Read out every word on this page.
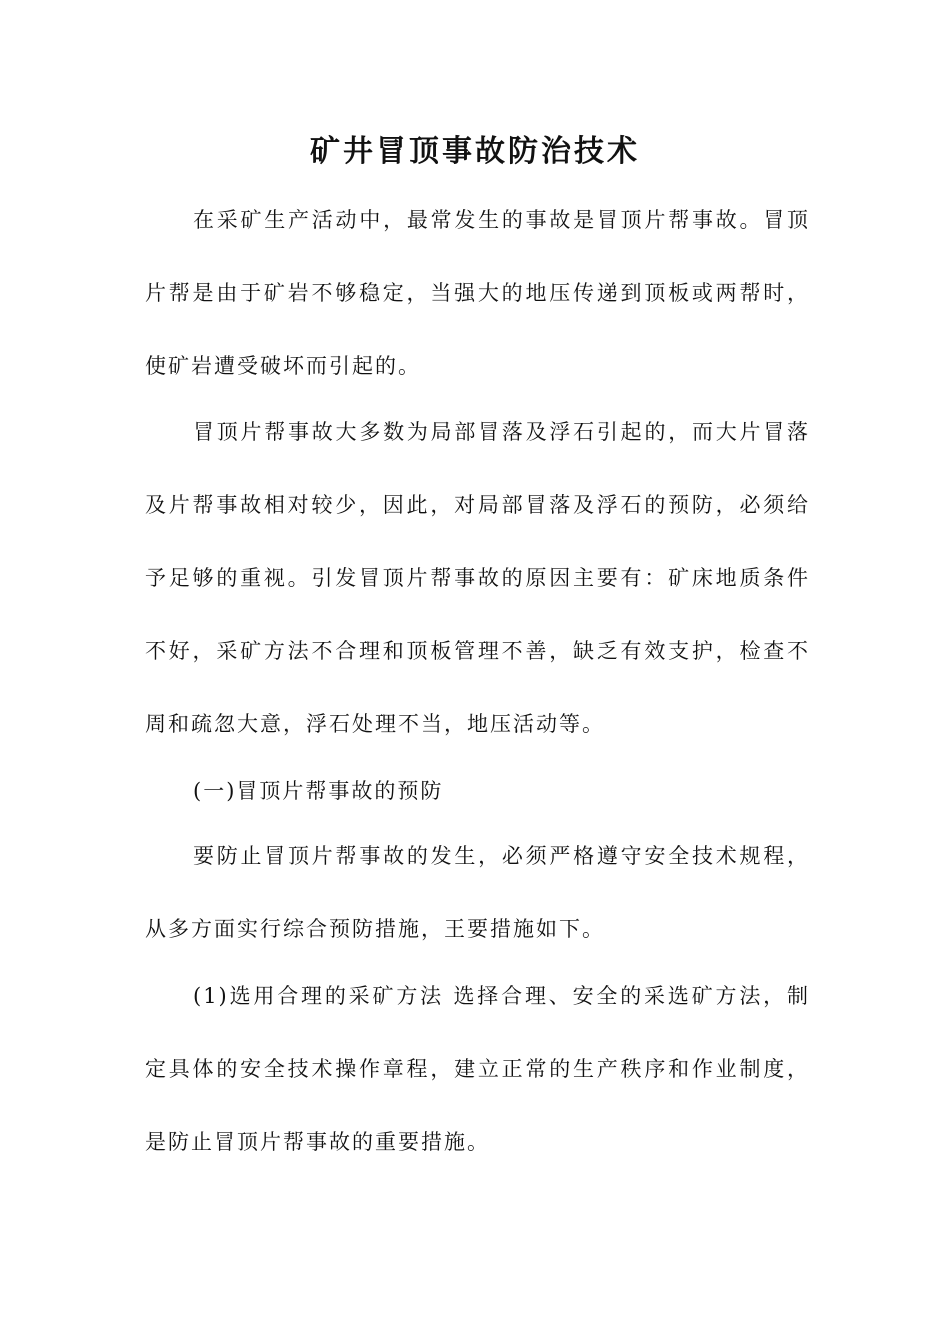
矿井冒顶事故防治技术

在采矿生产活动中，最常发生的事故是冒顶片帮事故。冒顶片帮是由于矿岩不够稳定，当强大的地压传递到顶板或两帮时，使矿岩遭受破坏而引起的。

冒顶片帮事故大多数为局部冒落及浮石引起的，而大片冒落及片帮事故相对较少，因此，对局部冒落及浮石的预防，必须给予足够的重视。引发冒顶片帮事故的原因主要有：矿床地质条件不好，采矿方法不合理和顶板管理不善，缺乏有效支护，检查不周和疏忽大意，浮石处理不当，地压活动等。

(一)冒顶片帮事故的预防

要防止冒顶片帮事故的发生，必须严格遵守安全技术规程，从多方面实行综合预防措施，王要措施如下。

(1)选用合理的采矿方法 选择合理、安全的采选矿方法，制定具体的安全技术操作章程，建立正常的生产秩序和作业制度，是防止冒顶片帮事故的重要措施。
